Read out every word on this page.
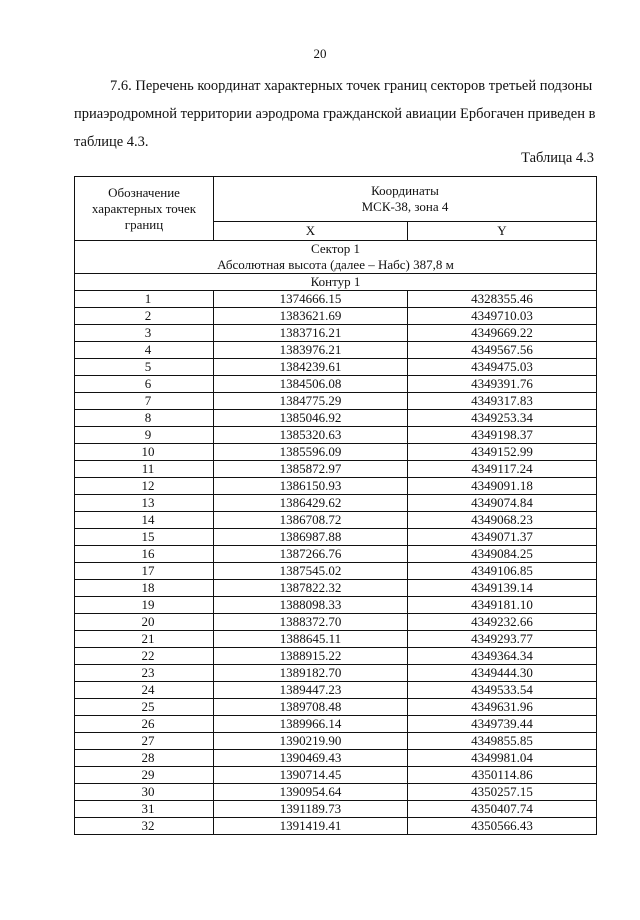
20
7.6. Перечень координат характерных точек границ секторов третьей подзоны
приаэродромной территории аэродрома гражданской авиации Ербогачен приведен в
таблице 4.3.
Таблица 4.3
Обозначение характерных точек границ	Координаты
МСК-38, зона 4	
	X	Y
Сектор 1
Абсолютная высота (далее – Набс) 387,8 м		
Контур 1		
1	1374666.15	4328355.46
2	1383621.69	4349710.03
3	1383716.21	4349669.22
4	1383976.21	4349567.56
5	1384239.61	4349475.03
6	1384506.08	4349391.76
7	1384775.29	4349317.83
8	1385046.92	4349253.34
9	1385320.63	4349198.37
10	1385596.09	4349152.99
11	1385872.97	4349117.24
12	1386150.93	4349091.18
13	1386429.62	4349074.84
14	1386708.72	4349068.23
15	1386987.88	4349071.37
16	1387266.76	4349084.25
17	1387545.02	4349106.85
18	1387822.32	4349139.14
19	1388098.33	4349181.10
20	1388372.70	4349232.66
21	1388645.11	4349293.77
22	1388915.22	4349364.34
23	1389182.70	4349444.30
24	1389447.23	4349533.54
25	1389708.48	4349631.96
26	1389966.14	4349739.44
27	1390219.90	4349855.85
28	1390469.43	4349981.04
29	1390714.45	4350114.86
30	1390954.64	4350257.15
31	1391189.73	4350407.74
32	1391419.41	4350566.43
